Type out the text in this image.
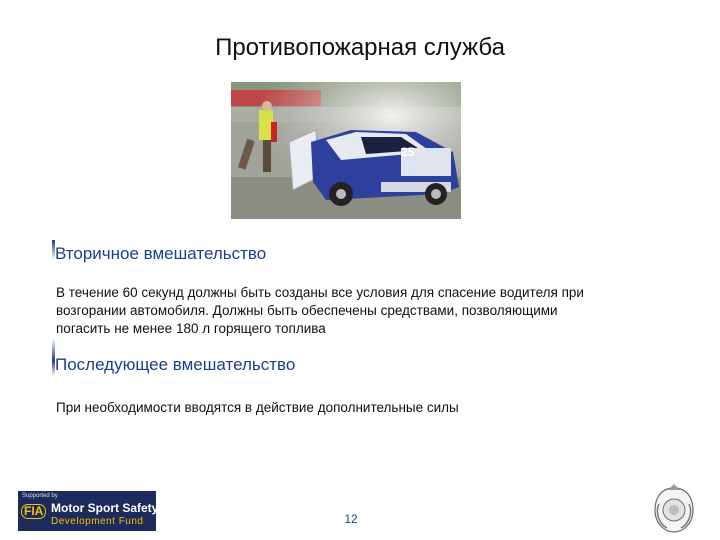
Противопожарная служба
25
Вторичное вмешательство
В течение 60 секунд должны быть созданы все условия для спасение водителя при
возгорании автомобиля. Должны быть обеспечены средствами, позволяющими
погасить не менее 180 л горящего топлива
Последующее вмешательство
При необходимости вводятся в действие дополнительные силы
Supported by
FIA Motor Sport Safety
Development Fund	12
